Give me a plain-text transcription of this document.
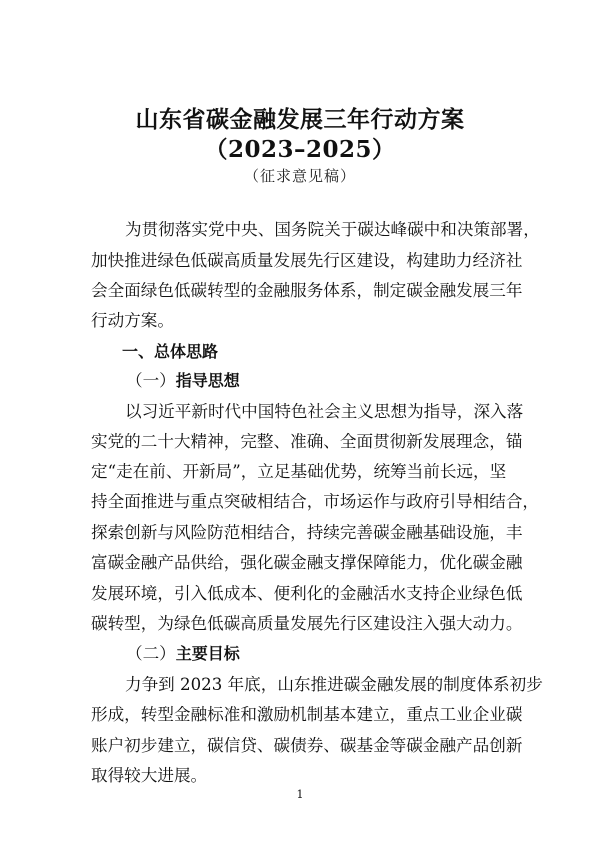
山东省碳金融发展三年行动方案
（2023–2025）
（征求意见稿）
为贯彻落实党中央、国务院关于碳达峰碳中和决策部署，
加快推进绿色低碳高质量发展先行区建设，构建助力经济社
会全面绿色低碳转型的金融服务体系，制定碳金融发展三年
行动方案。
一、总体思路
（一）指导思想
以习近平新时代中国特色社会主义思想为指导，深入落
实党的二十大精神，完整、准确、全面贯彻新发展理念，锚
定“走在前、开新局”，立足基础优势，统筹当前长远，坚
持全面推进与重点突破相结合，市场运作与政府引导相结合，
探索创新与风险防范相结合，持续完善碳金融基础设施，丰
富碳金融产品供给，强化碳金融支撑保障能力，优化碳金融
发展环境，引入低成本、便利化的金融活水支持企业绿色低
碳转型，为绿色低碳高质量发展先行区建设注入强大动力。
（二）主要目标
力争到 2023 年底，山东推进碳金融发展的制度体系初步
形成，转型金融标准和激励机制基本建立，重点工业企业碳
账户初步建立，碳信贷、碳债券、碳基金等碳金融产品创新
取得较大进展。
1
